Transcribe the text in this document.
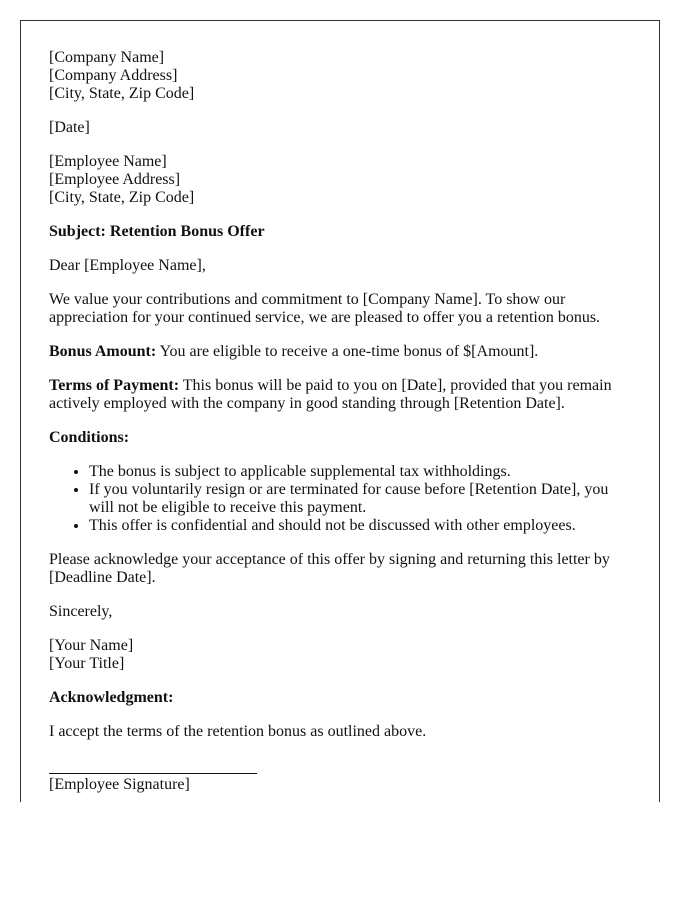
[Company Name]
[Company Address]
[City, State, Zip Code]

[Date]

[Employee Name]
[Employee Address]
[City, State, Zip Code]

Subject: Retention Bonus Offer

Dear [Employee Name],

We value your contributions and commitment to [Company Name]. To show our appreciation for your continued service, we are pleased to offer you a retention bonus.

Bonus Amount: You are eligible to receive a one-time bonus of $[Amount].

Terms of Payment: This bonus will be paid to you on [Date], provided that you remain actively employed with the company in good standing through [Retention Date].

Conditions:

• The bonus is subject to applicable supplemental tax withholdings.
• If you voluntarily resign or are terminated for cause before [Retention Date], you will not be eligible to receive this payment.
• This offer is confidential and should not be discussed with other employees.

Please acknowledge your acceptance of this offer by signing and returning this letter by [Deadline Date].

Sincerely,

[Your Name]
[Your Title]

Acknowledgment:

I accept the terms of the retention bonus as outlined above.

[Employee Signature]
